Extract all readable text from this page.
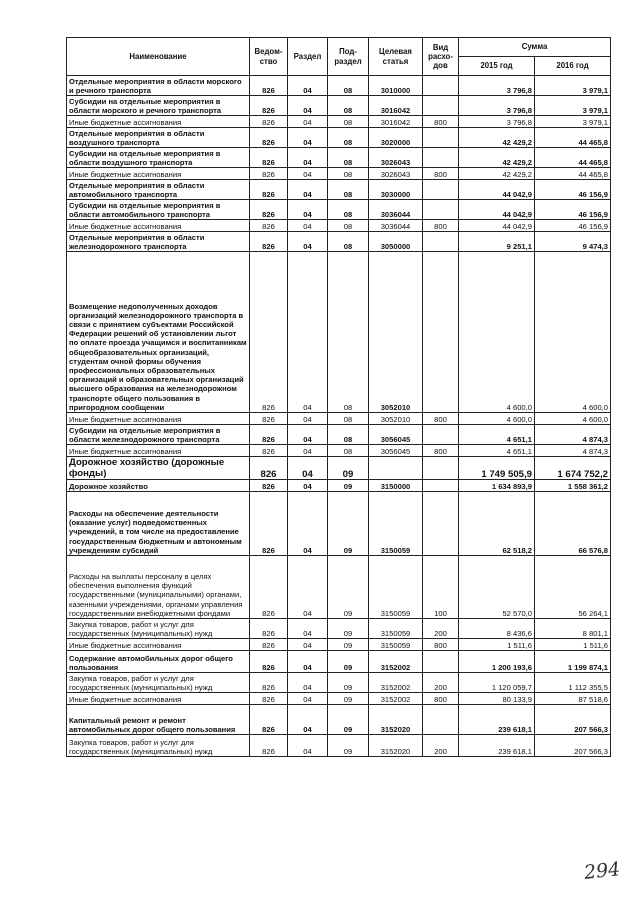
Наименование	Ведом-ство	Раздел	Под-раздел	Целевая статья	Вид расхо-дов	Сумма	
						2015 год	2016 год
Отдельные мероприятия в области морского и речного транспорта	826	04	08	3010000		3 796,8	3 979,1
Субсидии на отдельные мероприятия в области морского и речного транспорта	826	04	08	3016042		3 796,8	3 979,1
Иные бюджетные ассигнования	826	04	08	3016042	800	3 796,8	3 979,1
Отдельные мероприятия в области воздушного транспорта	826	04	08	3020000		42 429,2	44 465,8
Субсидии на отдельные мероприятия в области воздушного транспорта	826	04	08	3026043		42 429,2	44 465,8
Иные бюджетные ассигнования	826	04	08	3026043	800	42 429,2	44 465,8
Отдельные мероприятия в области автомобильного транспорта	826	04	08	3030000		44 042,9	46 156,9
Субсидии на отдельные мероприятия в области автомобильного транспорта	826	04	08	3036044		44 042,9	46 156,9
Иные бюджетные ассигнования	826	04	08	3036044	800	44 042,9	46 156,9
Отдельные мероприятия в области железнодорожного транспорта	826	04	08	3050000		9 251,1	9 474,3
Возмещение недополученных доходов организаций железнодорожного транспорта в связи с принятием субъектами Российской Федерации решений об установлении льгот по оплате проезда учащимся и воспитанникам общеобразовательных организаций, студентам очной формы обучения профессиональных образовательных организаций и образовательных организаций высшего образования на железнодорожном транспорте общего пользования в пригородном сообщении	826	04	08	3052010		4 600,0	4 600,0
Иные бюджетные ассигнования	826	04	08	3052010	800	4 600,0	4 600,0
Субсидии на отдельные мероприятия в области железнодорожного транспорта	826	04	08	3056045		4 651,1	4 874,3
Иные бюджетные ассигнования	826	04	08	3056045	800	4 651,1	4 874,3
Дорожное хозяйство (дорожные фонды)	826	04	09			1 749 505,9	1 674 752,2
Дорожное хозяйство	826	04	09	3150000		1 634 893,9	1 558 361,2
Расходы на обеспечение деятельности (оказание услуг) подведомственных учреждений, в том числе на предоставление государственным бюджетным и автономным учреждениям субсидий	826	04	09	3150059		62 518,2	66 576,8
Расходы на выплаты персоналу в целях обеспечения выполнения функций государственными (муниципальными) органами, казенными учреждениями, органами управления государственными внебюджетными фондами	826	04	09	3150059	100	52 570,0	56 264,1
Закупка товаров, работ и услуг для государственных (муниципальных) нужд	826	04	09	3150059	200	8 436,6	8 801,1
Иные бюджетные ассигнования	826	04	09	3150059	800	1 511,6	1 511,6
Содержание автомобильных дорог общего пользования	826	04	09	3152002		1 200 193,6	1 199 874,1
Закупка товаров, работ и услуг для государственных (муниципальных) нужд	826	04	09	3152002	200	1 120 059,7	1 112 355,5
Иные бюджетные ассигнования	826	04	09	3152002	800	80 133,9	87 518,6
Капитальный ремонт и ремонт автомобильных дорог общего пользования	826	04	09	3152020		239 618,1	207 566,3
Закупка товаров, работ и услуг для государственных (муниципальных) нужд	826	04	09	3152020	200	239 618,1	207 566,3
294
